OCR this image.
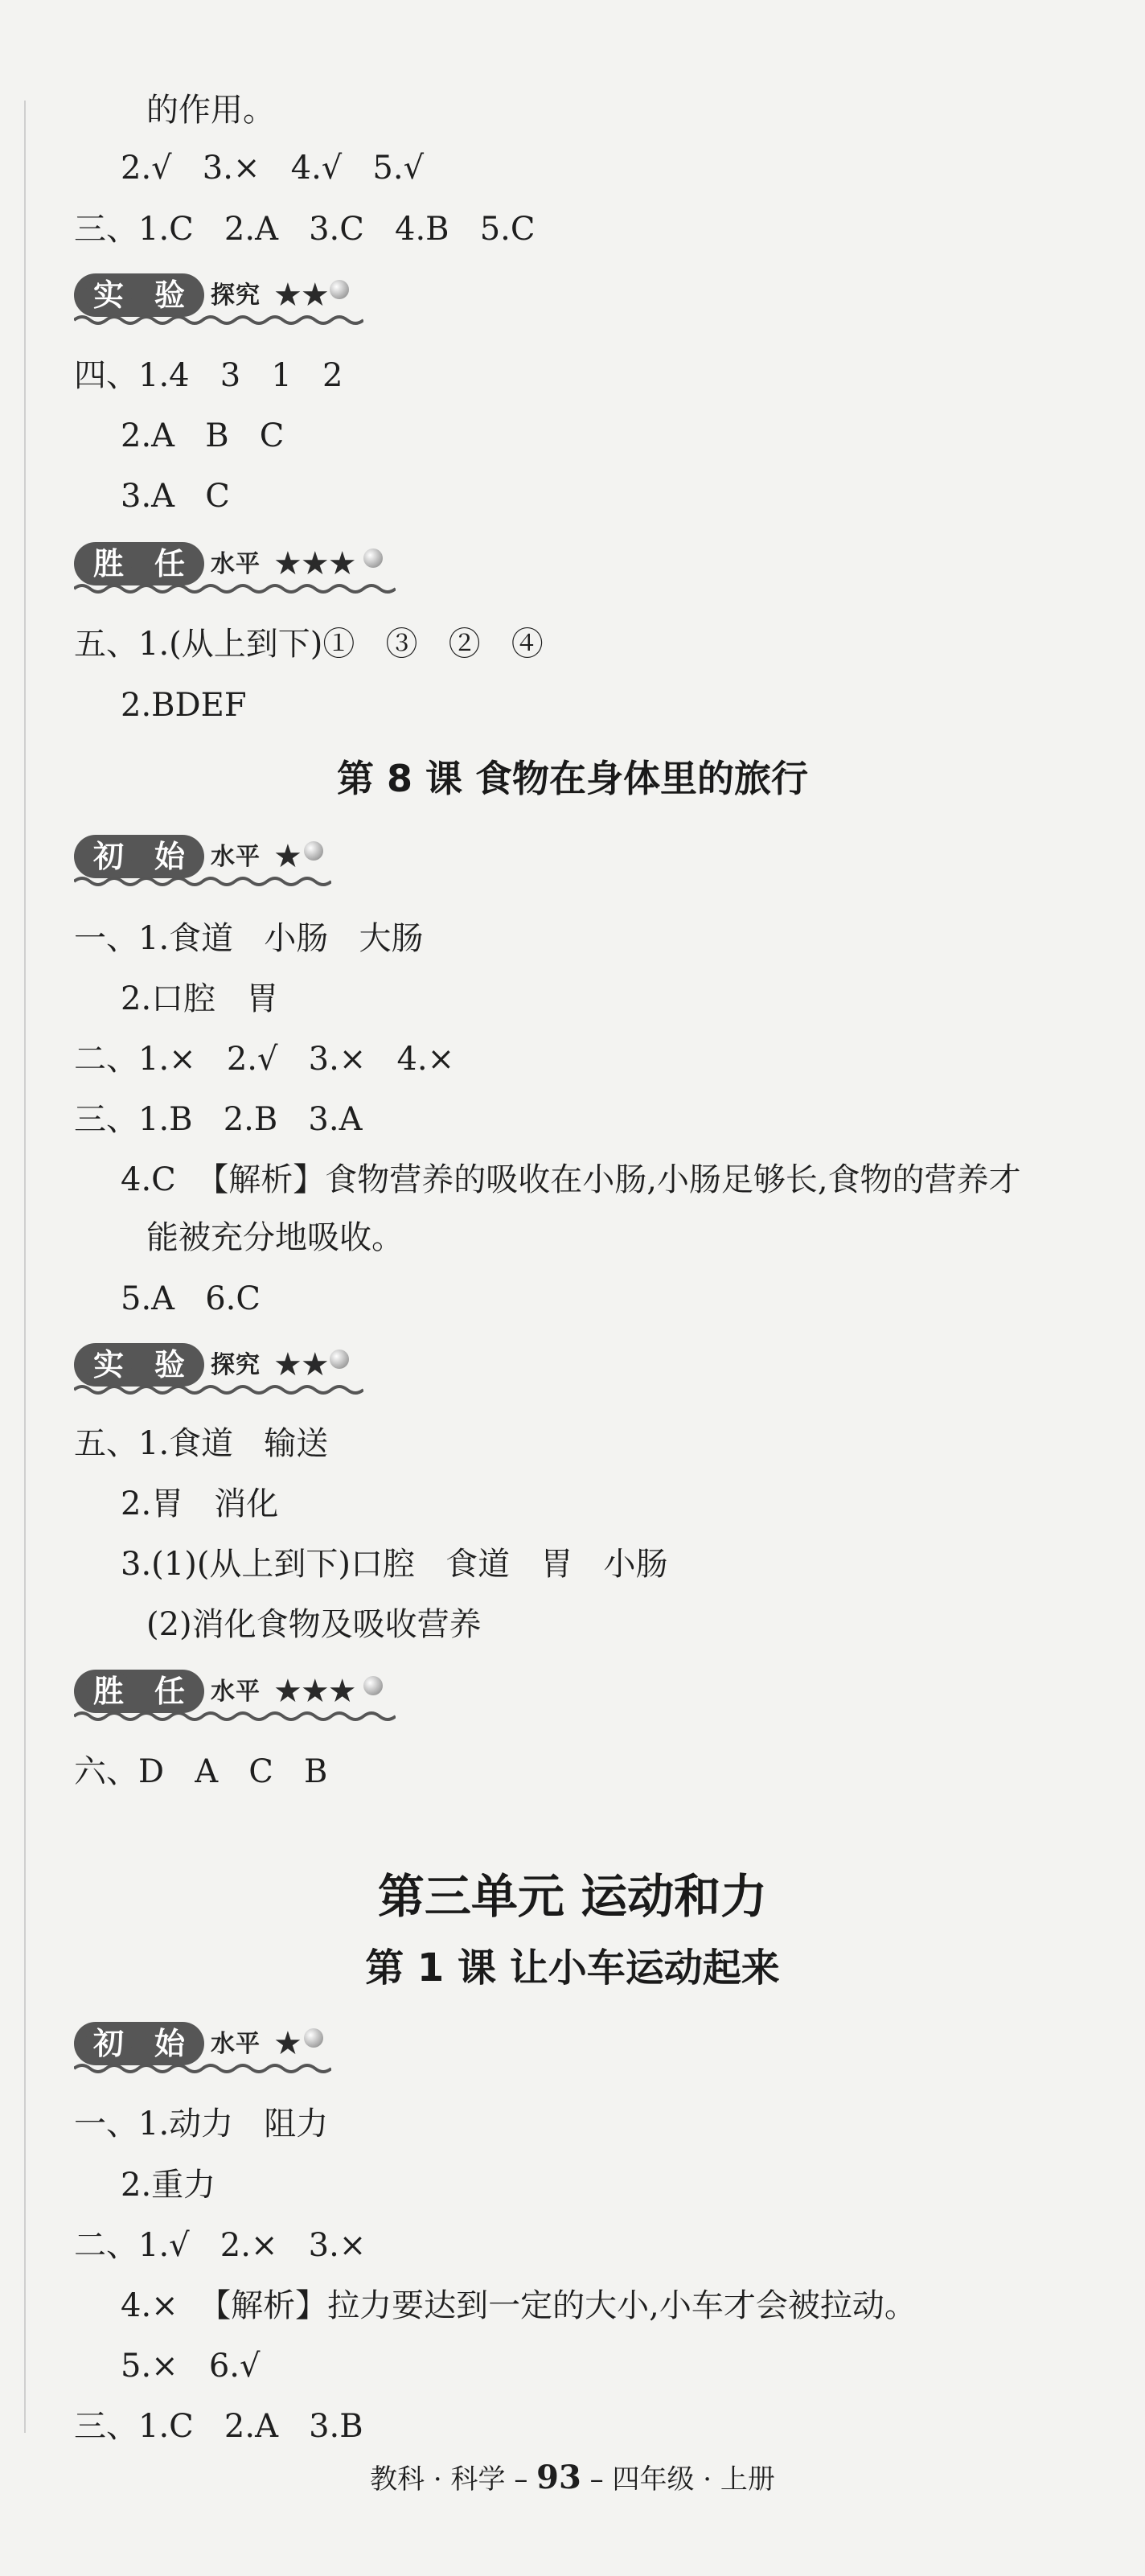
的作用。
2.√   3.×   4.√   5.√
三、1.C   2.A   3.C   4.B   5.C
实 验	探究 ★★
四、1.4   3   1   2
2.A   B   C
3.A   C
胜 任	水平 ★★★
五、1.(从上到下)①   ③   ②   ④
2.BDEF
第 8 课 食物在身体里的旅行
初 始	水平 ★
一、1.食道   小肠   大肠
2.口腔   胃
二、1.×   2.√   3.×   4.×
三、1.B   2.B   3.A
4.C  【解析】食物营养的吸收在小肠,小肠足够长,食物的营养才
能被充分地吸收。
5.A   6.C
实 验	探究 ★★
五、1.食道   输送
2.胃   消化
3.(1)(从上到下)口腔   食道   胃   小肠
(2)消化食物及吸收营养
胜 任	水平 ★★★
六、D   A   C   B
第三单元 运动和力
第 1 课 让小车运动起来
初 始	水平 ★
一、1.动力   阻力
2.重力
二、1.√   2.×   3.×
4.×  【解析】拉力要达到一定的大小,小车才会被拉动。
5.×   6.√
三、1.C   2.A   3.B
教科 · 科学 – 93 – 四年级 · 上册
